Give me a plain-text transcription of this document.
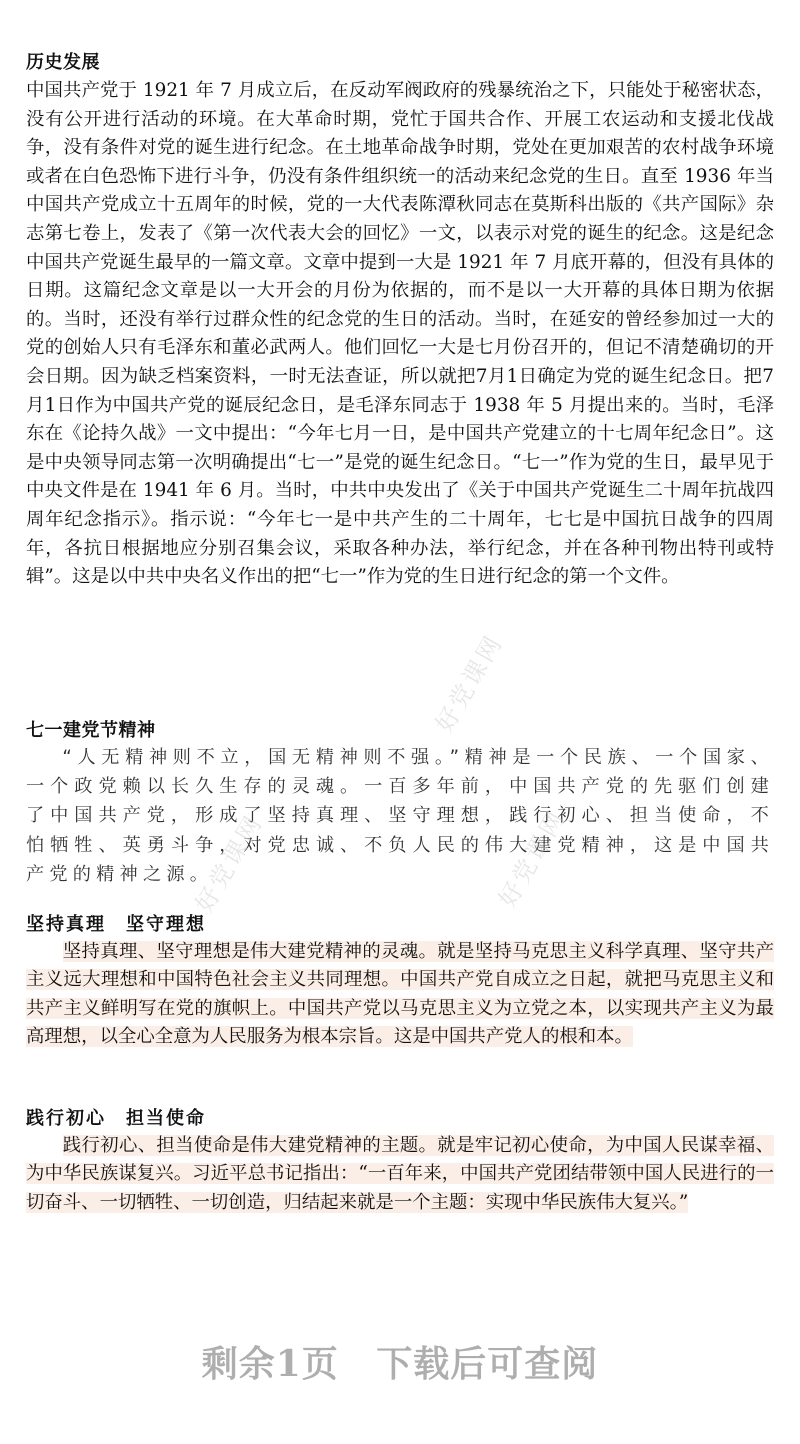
历史发展

中国共产党于 1921 年 7 月成立后，在反动军阀政府的残暴统治之下，只能处于秘密状态，没有公开进行活动的环境。在大革命时期，党忙于国共合作、开展工农运动和支援北伐战争，没有条件对党的诞生进行纪念。在土地革命战争时期，党处在更加艰苦的农村战争环境或者在白色恐怖下进行斗争，仍没有条件组织统一的活动来纪念党的生日。直至 1936 年当中国共产党成立十五周年的时候，党的一大代表陈潭秋同志在莫斯科出版的《共产国际》杂志第七卷上，发表了《第一次代表大会的回忆》一文，以表示对党的诞生的纪念。这是纪念中国共产党诞生最早的一篇文章。文章中提到一大是 1921 年 7 月底开幕的，但没有具体的日期。这篇纪念文章是以一大开会的月份为依据的，而不是以一大开幕的具体日期为依据的。当时，还没有举行过群众性的纪念党的生日的活动。当时，在延安的曾经参加过一大的党的创始人只有毛泽东和董必武两人。他们回忆一大是七月份召开的，但记不清楚确切的开会日期。因为缺乏档案资料，一时无法查证，所以就把7月1日确定为党的诞生纪念日。把7月1日作为中国共产党的诞辰纪念日，是毛泽东同志于 1938 年 5 月提出来的。当时，毛泽东在《论持久战》一文中提出：“今年七月一日，是中国共产党建立的十七周年纪念日”。这是中央领导同志第一次明确提出“七一”是党的诞生纪念日。“七一”作为党的生日，最早见于中央文件是在 1941 年 6 月。当时，中共中央发出了《关于中国共产党诞生二十周年抗战四周年纪念指示》。指示说：“今年七一是中共产生的二十周年，七七是中国抗日战争的四周年，各抗日根据地应分别召集会议，采取各种办法，举行纪念，并在各种刊物出特刊或特辑”。这是以中共中央名义作出的把“七一”作为党的生日进行纪念的第一个文件。

七一建党节精神

“人无精神则不立，国无精神则不强。”精神是一个民族、一个国家、一个政党赖以长久生存的灵魂。一百多年前，中国共产党的先驱们创建了中国共产党，形成了坚持真理、坚守理想，践行初心、担当使命，不怕牺牲、英勇斗争，对党忠诚、不负人民的伟大建党精神，这是中国共产党的精神之源。

坚持真理　坚守理想

坚持真理、坚守理想是伟大建党精神的灵魂。就是坚持马克思主义科学真理、坚守共产主义远大理想和中国特色社会主义共同理想。中国共产党自成立之日起，就把马克思主义和共产主义鲜明写在党的旗帜上。中国共产党以马克思主义为立党之本，以实现共产主义为最高理想，以全心全意为人民服务为根本宗旨。这是中国共产党人的根和本。

践行初心　担当使命

践行初心、担当使命是伟大建党精神的主题。就是牢记初心使命，为中国人民谋幸福、为中华民族谋复兴。习近平总书记指出：“一百年来，中国共产党团结带领中国人民进行的一切奋斗、一切牺牲、一切创造，归结起来就是一个主题：实现中华民族伟大复兴。”

好党课网
好党课网	好党课网

剩余1页 下载后可查阅
